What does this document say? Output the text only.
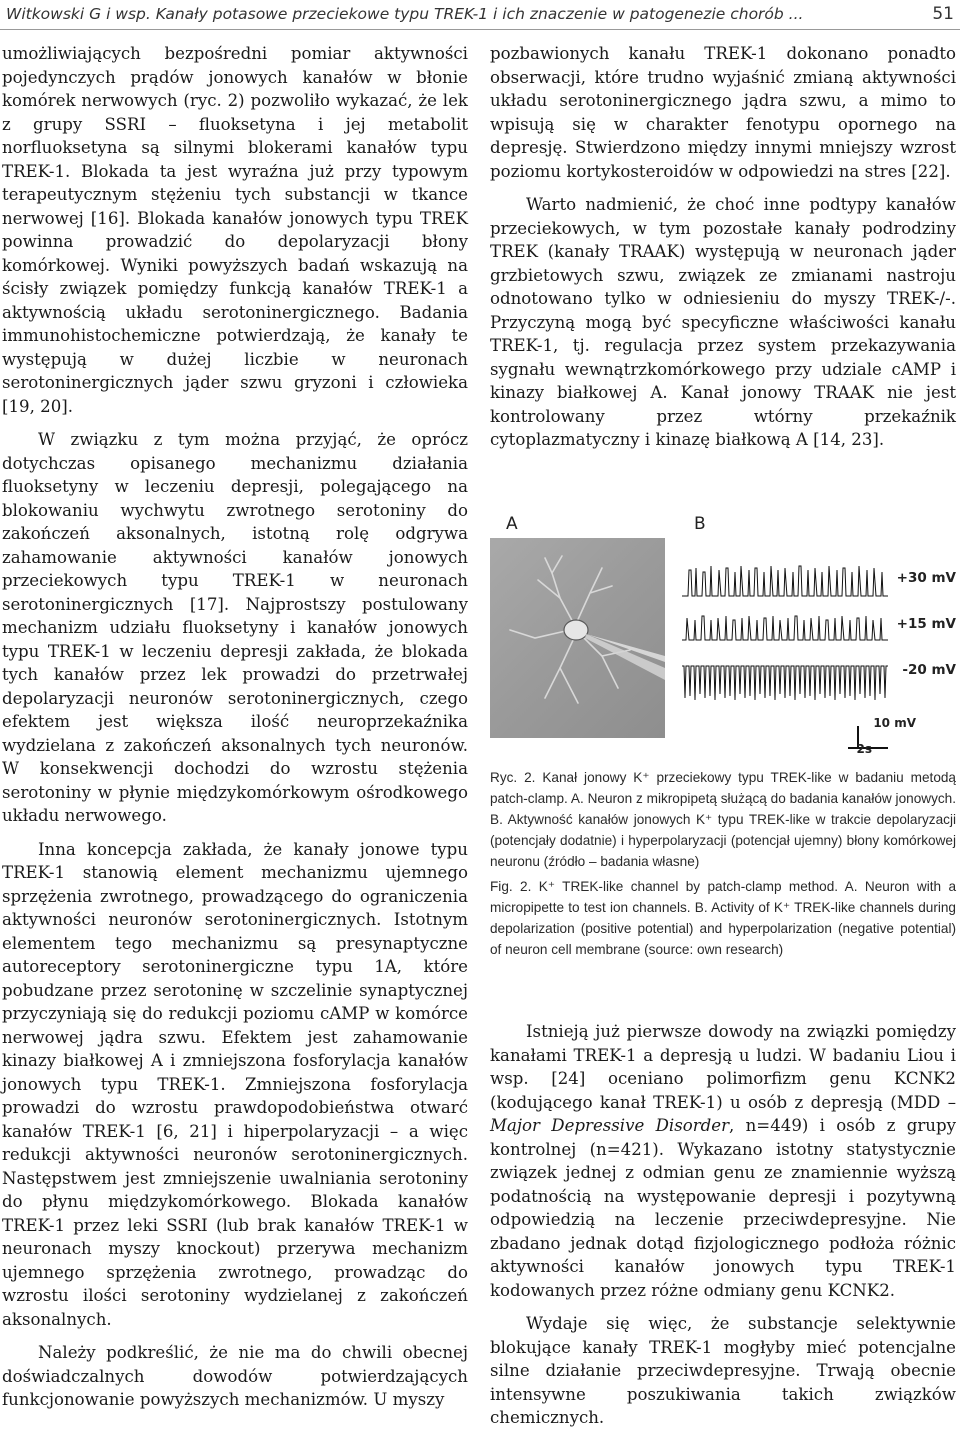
Witkowski G i wsp. Kanały potasowe przeciekowe typu TREK-1 i ich znaczenie w patogenezie chorób ...	51

umożliwiających bezpośredni pomiar aktywności pojedynczych prądów jonowych kanałów w błonie komórek nerwowych (ryc. 2) pozwoliło wykazać, że lek z grupy SSRI – fluoksetyna i jej metabolit norfluoksetyna są silnymi blokerami kanałów typu TREK-1. Blokada ta jest wyraźna już przy typowym terapeutycznym stężeniu tych substancji w tkance nerwowej [16]. Blokada kanałów jonowych typu TREK powinna prowadzić do depolaryzacji błony komórkowej. Wyniki powyższych badań wskazują na ścisły związek pomiędzy funkcją kanałów TREK-1 a aktywnością układu serotoninergicznego. Badania immunohistochemiczne potwierdzają, że kanały te występują w dużej liczbie w neuronach serotoninergicznych jąder szwu gryzoni i człowieka [19, 20].

W związku z tym można przyjąć, że oprócz dotychczas opisanego mechanizmu działania fluoksetyny w leczeniu depresji, polegającego na blokowaniu wychwytu zwrotnego serotoniny do zakończeń aksonalnych, istotną rolę odgrywa zahamowanie aktywności kanałów jonowych przeciekowych typu TREK-1 w neuronach serotoninergicznych [17]. Najprostszy postulowany mechanizm udziału fluoksetyny i kanałów jonowych typu TREK-1 w leczeniu depresji zakłada, że blokada tych kanałów przez lek prowadzi do przetrwałej depolaryzacji neuronów serotoninergicznych, czego efektem jest większa ilość neuroprzekaźnika wydzielana z zakończeń aksonalnych tych neuronów. W konsekwencji dochodzi do wzrostu stężenia serotoniny w płynie międzykomórkowym ośrodkowego układu nerwowego.

Inna koncepcja zakłada, że kanały jonowe typu TREK-1 stanowią element mechanizmu ujemnego sprzężenia zwrotnego, prowadzącego do ograniczenia aktywności neuronów serotoninergicznych. Istotnym elementem tego mechanizmu są presynaptyczne autoreceptory serotoninergiczne typu 1A, które pobudzane przez serotoninę w szczelinie synaptycznej przyczyniają się do redukcji poziomu cAMP w komórce nerwowej jądra szwu. Efektem jest zahamowanie kinazy białkowej A i zmniejszona fosforylacja kanałów jonowych typu TREK-1. Zmniejszona fosforylacja prowadzi do wzrostu prawdopodobieństwa otwarć kanałów TREK-1 [6, 21] i hiperpolaryzacji – a więc redukcji aktywności neuronów serotoninergicznych. Następstwem jest zmniejszenie uwalniania serotoniny do płynu międzykomórkowego. Blokada kanałów TREK-1 przez leki SSRI (lub brak kanałów TREK-1 w neuronach myszy knockout) przerywa mechanizm ujemnego sprzężenia zwrotnego, prowadząc do wzrostu ilości serotoniny wydzielanej z zakończeń aksonalnych.

Należy podkreślić, że nie ma do chwili obecnej doświadczalnych dowodów potwierdzających funkcjonowanie powyższych mechanizmów. U myszy

pozbawionych kanału TREK-1 dokonano ponadto obserwacji, które trudno wyjaśnić zmianą aktywności układu serotoninergicznego jądra szwu, a mimo to wpisują się w charakter fenotypu opornego na depresję. Stwierdzono między innymi mniejszy wzrost poziomu kortykosteroidów w odpowiedzi na stres [22].

Warto nadmienić, że choć inne podtypy kanałów przeciekowych, w tym pozostałe kanały podrodziny TREK (kanały TRAAK) występują w neuronach jąder grzbietowych szwu, związek ze zmianami nastroju odnotowano tylko w odniesieniu do myszy TREK-/-. Przyczyną mogą być specyficzne właściwości kanału TREK-1, tj. regulacja przez system przekazywania sygnału wewnątrzkomórkowego przy udziale cAMP i kinazy białkowej A. Kanał jonowy TRAAK nie jest kontrolowany przez wtórny przekaźnik cytoplazmatyczny i kinazę białkową A [14, 23].

A	B
+30 mV
+15 mV
-20 mV
10 mV
2s

Ryc. 2. Kanał jonowy K⁺ przeciekowy typu TREK-like w badaniu metodą patch-clamp. A. Neuron z mikropipetą służącą do badania kanałów jonowych. B. Aktywność kanałów jonowych K⁺ typu TREK-like w trakcie depolaryzacji (potencjały dodatnie) i hyperpolaryzacji (potencjał ujemny) błony komórkowej neuronu (źródło – badania własne)

Fig. 2. K⁺ TREK-like channel by patch-clamp method. A. Neuron with a micropipette to test ion channels. B. Activity of K⁺ TREK-like channels during depolarization (positive potential) and hyperpolarization (negative potential) of neuron cell membrane (source: own research)

Istnieją już pierwsze dowody na związki pomiędzy kanałami TREK-1 a depresją u ludzi. W badaniu Liou i wsp. [24] oceniano polimorfizm genu KCNK2 (kodującego kanał TREK-1) u osób z depresją (MDD – Major Depressive Disorder, n=449) i osób z grupy kontrolnej (n=421). Wykazano istotny statystycznie związek jednej z odmian genu ze znamiennie wyższą podatnością na występowanie depresji i pozytywną odpowiedzią na leczenie przeciwdepresyjne. Nie zbadano jednak dotąd fizjologicznego podłoża różnic aktywności kanałów jonowych typu TREK-1 kodowanych przez różne odmiany genu KCNK2.

Wydaje się więc, że substancje selektywnie blokujące kanały TREK-1 mogłyby mieć potencjalne silne działanie przeciwdepresyjne. Trwają obecnie intensywne poszukiwania takich związków chemicznych.
